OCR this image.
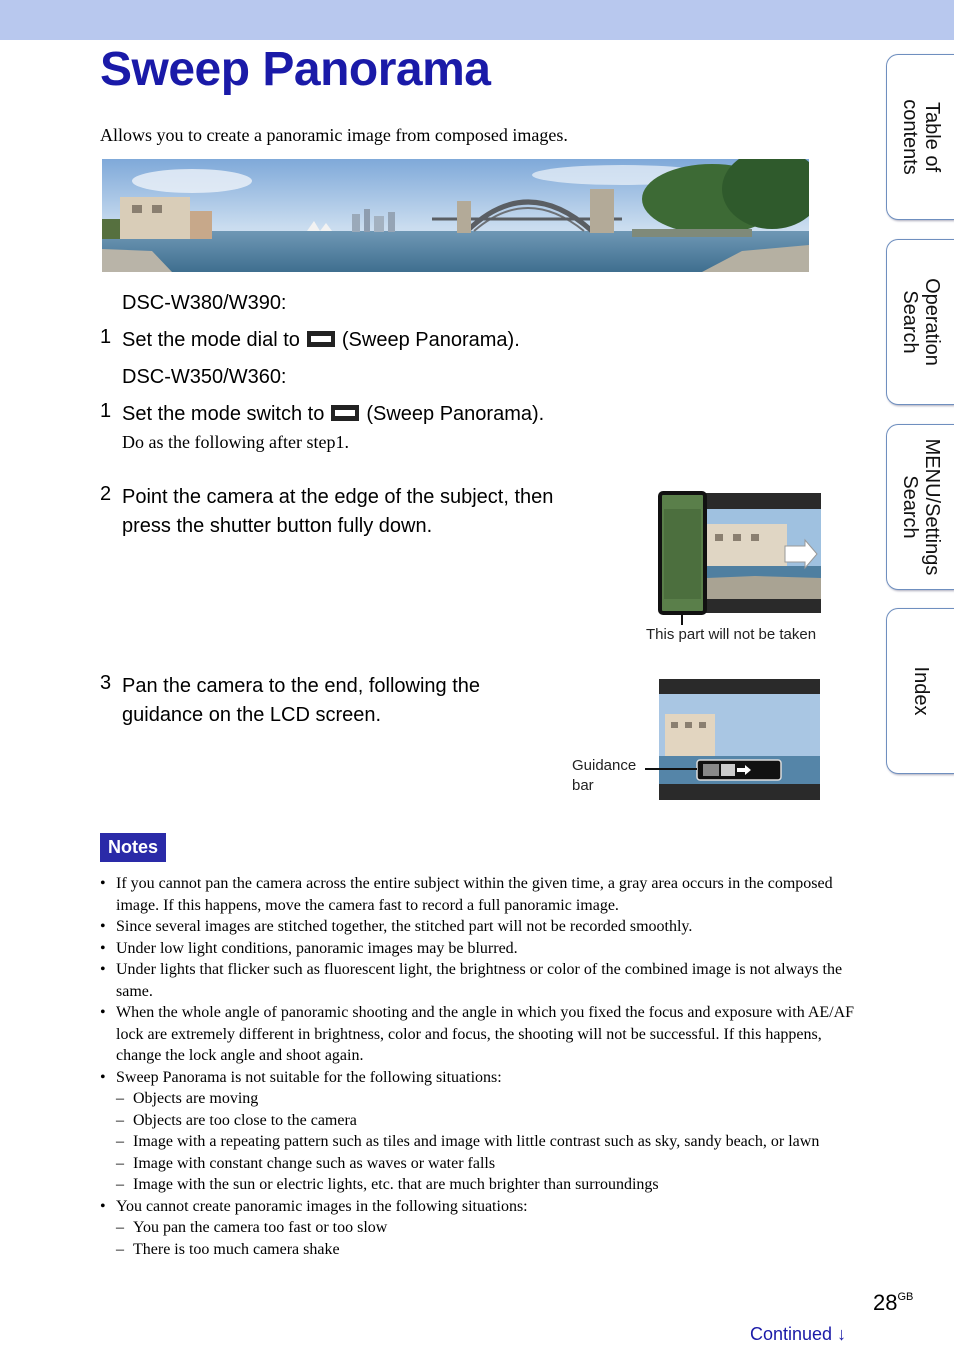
Sweep Panorama
Allows you to create a panoramic image from composed images.
DSC-W380/W390:
1 Set the mode dial to (Sweep Panorama).
DSC-W350/W360:
1 Set the mode switch to (Sweep Panorama).
Do as the following after step1.
2 Point the camera at the edge of the subject, then
press the shutter button fully down.
This part will not be taken
3 Pan the camera to the end, following the
guidance on the LCD screen.
Guidance
bar
Notes
• If you cannot pan the camera across the entire subject within the given time, a gray area occurs in the composed image. If this happens, move the camera fast to record a full panoramic image.
• Since several images are stitched together, the stitched part will not be recorded smoothly.
• Under low light conditions, panoramic images may be blurred.
• Under lights that flicker such as fluorescent light, the brightness or color of the combined image is not always the same.
• When the whole angle of panoramic shooting and the angle in which you fixed the focus and exposure with AE/AF lock are extremely different in brightness, color and focus, the shooting will not be successful. If this happens, change the lock angle and shoot again.
• Sweep Panorama is not suitable for the following situations:
– Objects are moving
– Objects are too close to the camera
– Image with a repeating pattern such as tiles and image with little contrast such as sky, sandy beach, or lawn
– Image with constant change such as waves or water falls
– Image with the sun or electric lights, etc. that are much brighter than surroundings
• You cannot create panoramic images in the following situations:
– You pan the camera too fast or too slow
– There is too much camera shake
Table of
contents
Operation
Search
MENU/Settings
Search
Index
$28^{GB}$
Continued ↓
